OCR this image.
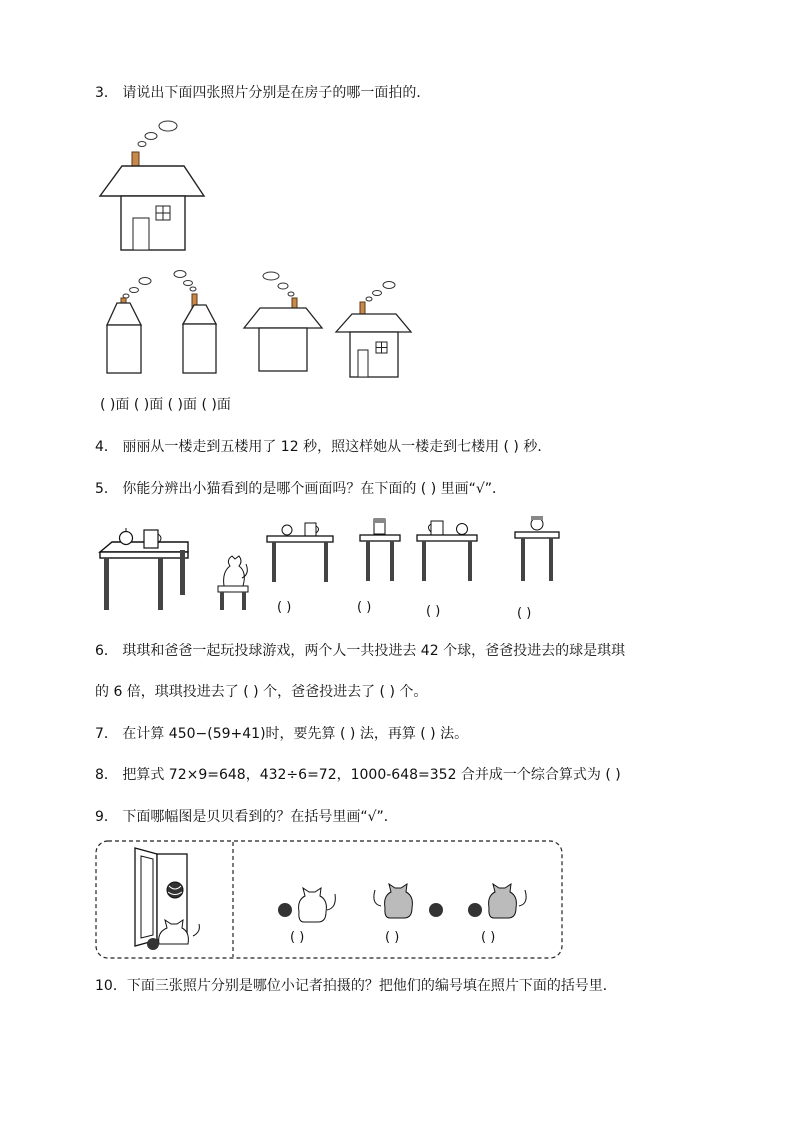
3． 请说出下面四张照片分别是在房子的哪一面拍的．
( )面 ( )面 ( )面 ( )面
4． 丽丽从一楼走到五楼用了 12 秒，照这样她从一楼走到七楼用 ( ) 秒．
5． 你能分辨出小猫看到的是哪个画面吗？在下面的 ( ) 里画“√”．
( )	( )	( )	( )
6． 琪琪和爸爸一起玩投球游戏，两个人一共投进去 42 个球，爸爸投进去的球是琪琪
的 6 倍，琪琪投进去了 ( ) 个，爸爸投进去了 ( ) 个。
7． 在计算 450−(59+41)时，要先算 ( ) 法，再算 ( ) 法。
8． 把算式 72×9=648，432÷6=72，1000-648=352 合并成一个综合算式为 ( )
9． 下面哪幅图是贝贝看到的？在括号里画“√”．
( )	( )	( )
10．下面三张照片分别是哪位小记者拍摄的？把他们的编号填在照片下面的括号里．
